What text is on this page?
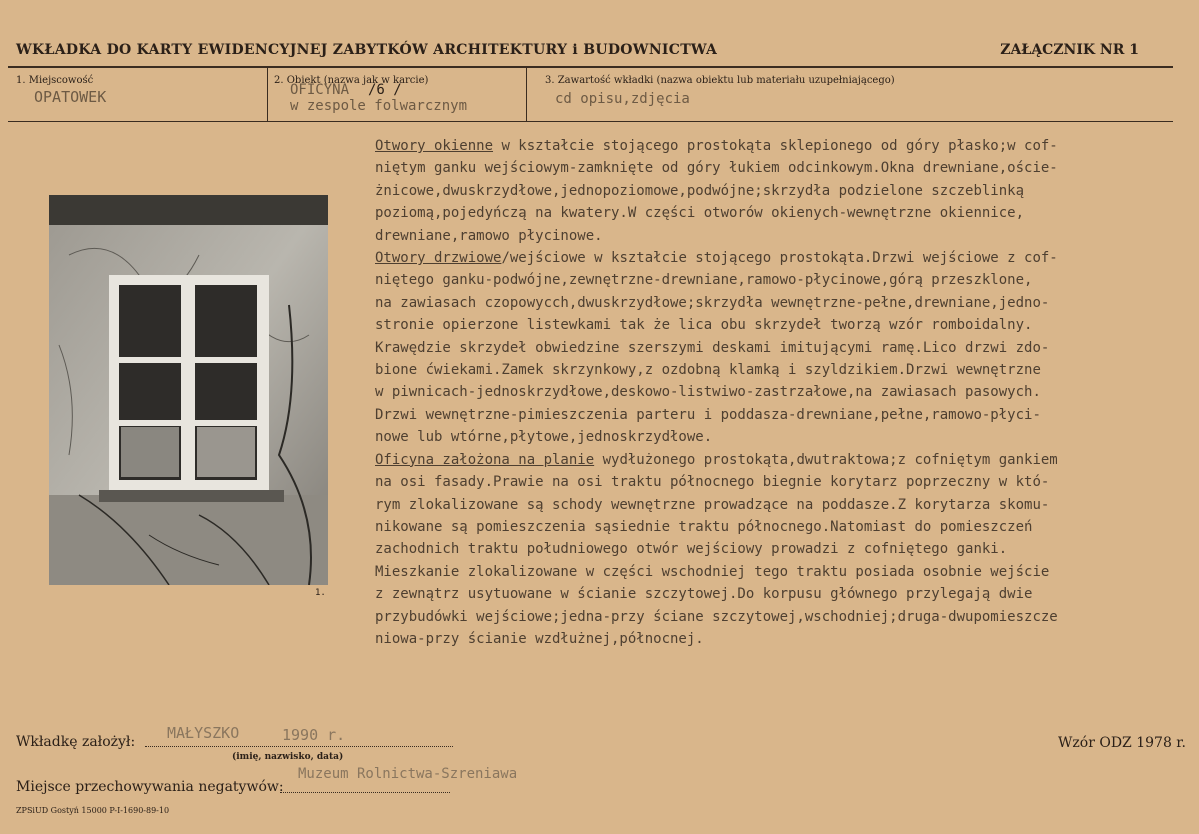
WKŁADKA DO KARTY EWIDENCYJNEJ ZABYTKÓW ARCHITEKTURY i BUDOWNICTWA	ZAŁĄCZNIK NR 1
1. Miejscowość
OPATOWEK
2. Obiekt (nazwa jak w karcie)
OFICYNA /6 /
w zespole folwarcznym
3. Zawartość wkładki (nazwa obiektu lub materiału uzupełniającego)
cd opisu,zdjęcia
1.
Otwory okienne w kształcie stojącego prostokąta sklepionego od góry płasko;w cof-
niętym ganku wejściowym-zamknięte od góry łukiem odcinkowym.Okna drewniane,oście-
żnicowe,dwuskrzydłowe,jednopoziomowe,podwójne;skrzydła podzielone szczeblinką
poziomą,pojedyńczą na kwatery.W części otworów okienych-wewnętrzne okiennice,
drewniane,ramowo płycinowe.
Otwory drzwiowe/wejściowe w kształcie stojącego prostokąta.Drzwi wejściowe z cof-
niętego ganku-podwójne,zewnętrzne-drewniane,ramowo-płycinowe,górą przeszklone,
na zawiasach czopowycch,dwuskrzydłowe;skrzydła wewnętrzne-pełne,drewniane,jedno-
stronie opierzone listewkami tak że lica obu skrzydeł tworzą wzór romboidalny.
Krawędzie skrzydeł obwiedzine szerszymi deskami imitującymi ramę.Lico drzwi zdo-
bione ćwiekami.Zamek skrzynkowy,z ozdobną klamką i szyldzikiem.Drzwi wewnętrzne
w piwnicach-jednoskrzydłowe,deskowo-listwiwo-zastrzałowe,na zawiasach pasowych.
Drzwi wewnętrzne-pimieszczenia parteru i poddasza-drewniane,pełne,ramowo-płyci-
nowe lub wtórne,płytowe,jednoskrzydłowe.
Oficyna założona na planie wydłużonego prostokąta,dwutraktowa;z cofniętym gankiem
na osi fasady.Prawie na osi traktu północnego biegnie korytarz poprzeczny w któ-
rym zlokalizowane są schody wewnętrzne prowadzące na poddasze.Z korytarza skomu-
nikowane są pomieszczenia sąsiednie traktu północnego.Natomiast do pomieszczeń
zachodnich traktu południowego otwór wejściowy prowadzi z cofniętego ganki.
Mieszkanie zlokalizowane w części wschodniej tego traktu posiada osobnie wejście
z zewnątrz usytuowane w ścianie szczytowej.Do korpusu głównego przylegają dwie
przybudówki wejściowe;jedna-przy ściane szczytowej,wschodniej;druga-dwupomieszcze
niowa-przy ścianie wzdłużnej,północnej.
Wkładkę założył: MAŁYSZKO	1990 r.
(imię, nazwisko, data)
Wzór ODZ 1978 r.
Miejsce przechowywania negatywów:
Muzeum Rolnictwa-Szreniawa
ZPSiUD Gostyń 15000 P-I-1690-89-10
